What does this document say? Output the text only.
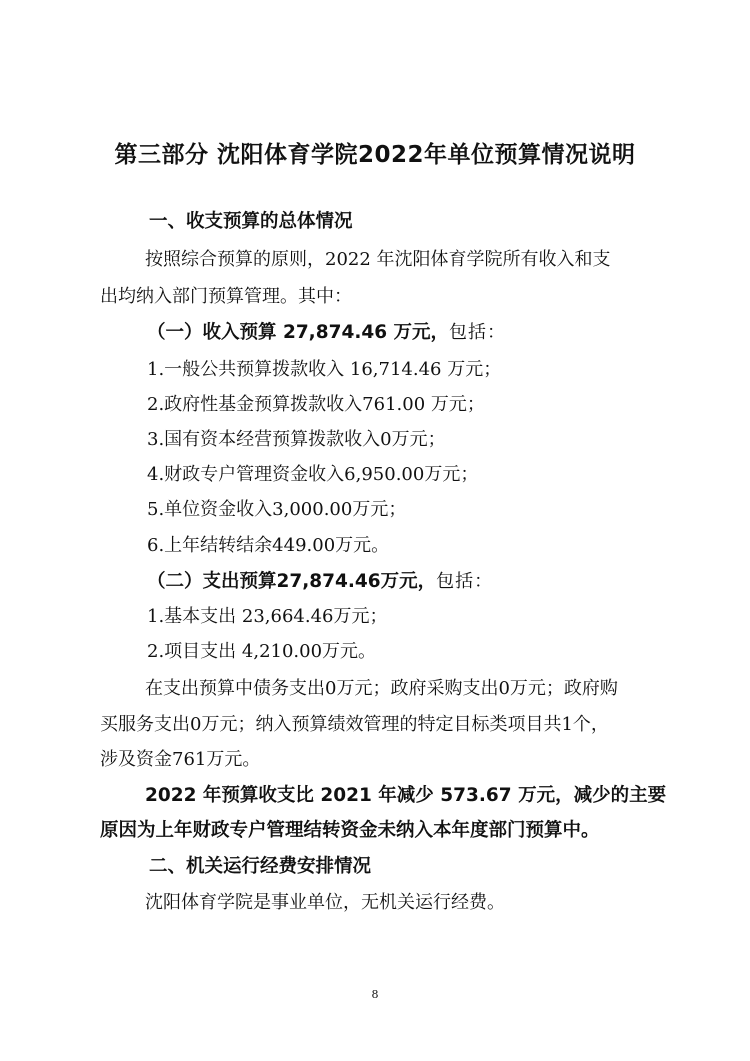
第三部分 沈阳体育学院2022年单位预算情况说明
一、收支预算的总体情况
按照综合预算的原则，2022 年沈阳体育学院所有收入和支
出均纳入部门预算管理。其中：
（一）收入预算 27,874.46 万元，包括：
1.一般公共预算拨款收入 16,714.46 万元；
2.政府性基金预算拨款收入761.00 万元；
3.国有资本经营预算拨款收入0万元；
4.财政专户管理资金收入6,950.00万元；
5.单位资金收入3,000.00万元；
6.上年结转结余449.00万元。
（二）支出预算27,874.46万元，包括：
1.基本支出 23,664.46万元；
2.项目支出 4,210.00万元。
在支出预算中债务支出0万元；政府采购支出0万元；政府购
买服务支出0万元；纳入预算绩效管理的特定目标类项目共1个，
涉及资金761万元。
2022 年预算收支比 2021 年减少 573.67 万元，减少的主要
原因为上年财政专户管理结转资金未纳入本年度部门预算中。
二、机关运行经费安排情况
沈阳体育学院是事业单位，无机关运行经费。
8
